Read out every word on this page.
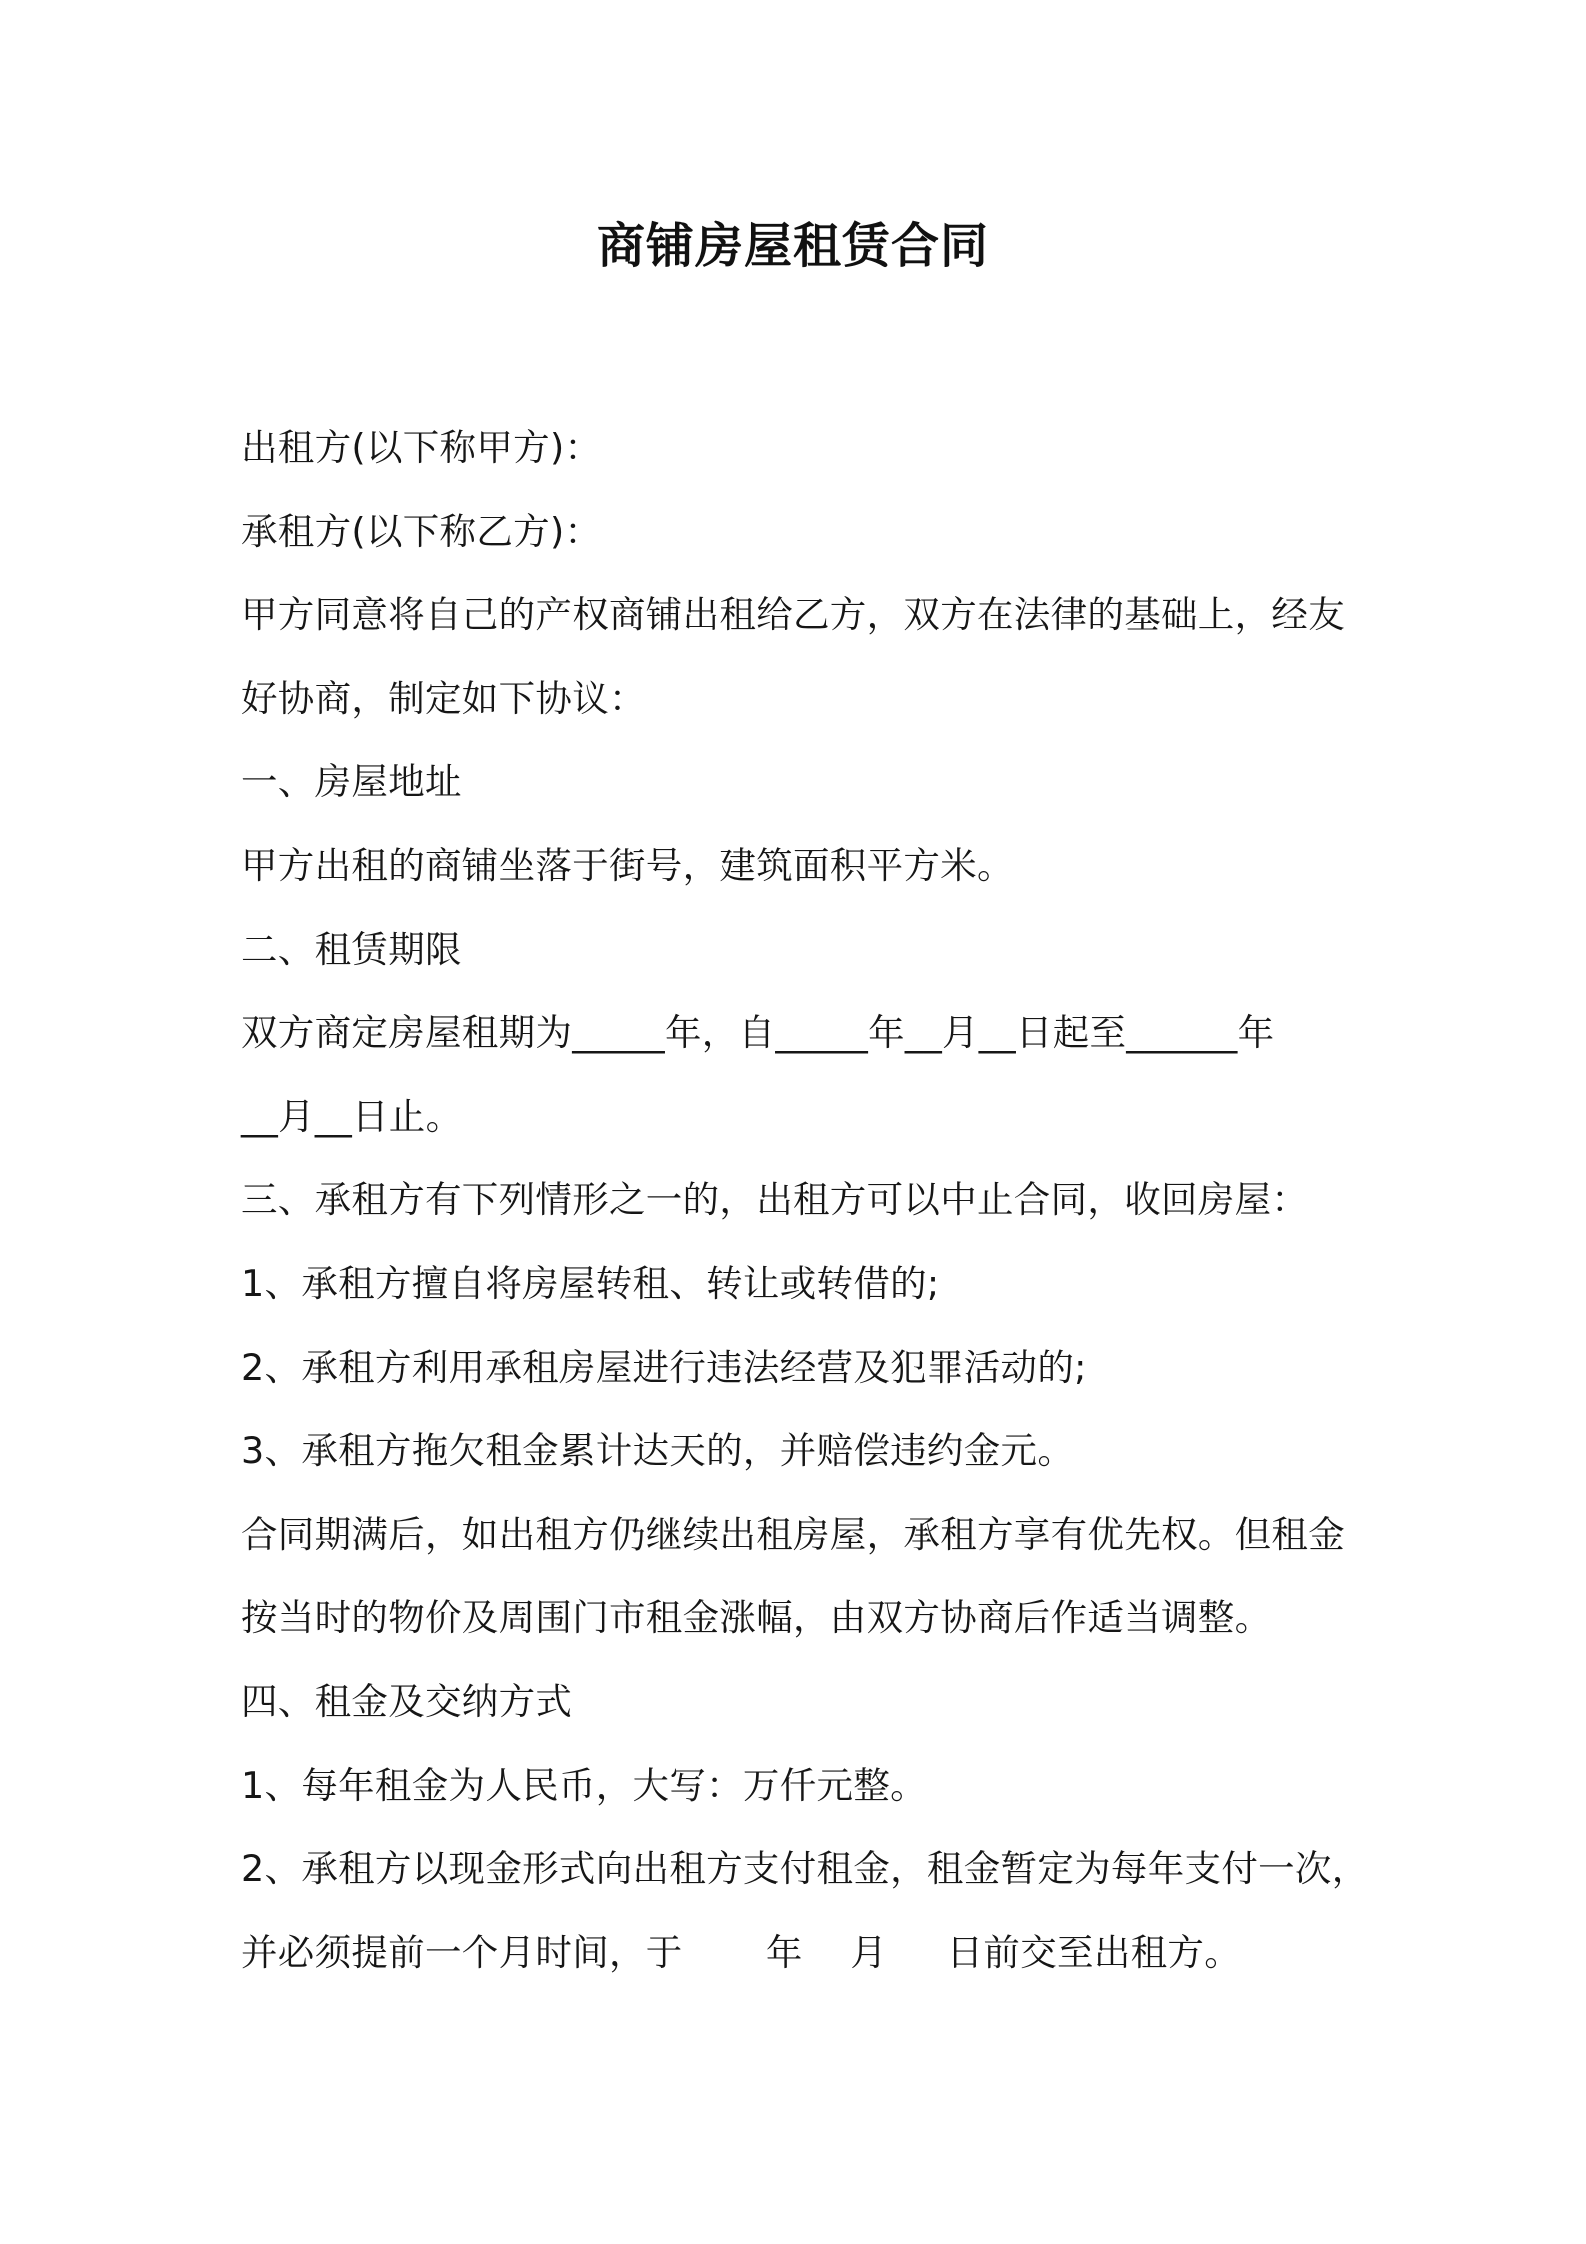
商铺房屋租赁合同

出租方(以下称甲方)：

承租方(以下称乙方)：

甲方同意将自己的产权商铺出租给乙方，双方在法律的基础上，经友

好协商，制定如下协议：

一、房屋地址

甲方出租的商铺坐落于街号，建筑面积平方米。

二、租赁期限

双方商定房屋租期为_____年，自_____年__月__日起至______年

__月__日止。

三、承租方有下列情形之一的，出租方可以中止合同，收回房屋：

1、承租方擅自将房屋转租、转让或转借的;

2、承租方利用承租房屋进行违法经营及犯罪活动的;

3、承租方拖欠租金累计达天的，并赔偿违约金元。

合同期满后，如出租方仍继续出租房屋，承租方享有优先权。但租金

按当时的物价及周围门市租金涨幅，由双方协商后作适当调整。

四、租金及交纳方式

1、每年租金为人民币，大写：万仟元整。

2、承租方以现金形式向出租方支付租金，租金暂定为每年支付一次，

并必须提前一个月时间，于       年    月     日前交至出租方。
